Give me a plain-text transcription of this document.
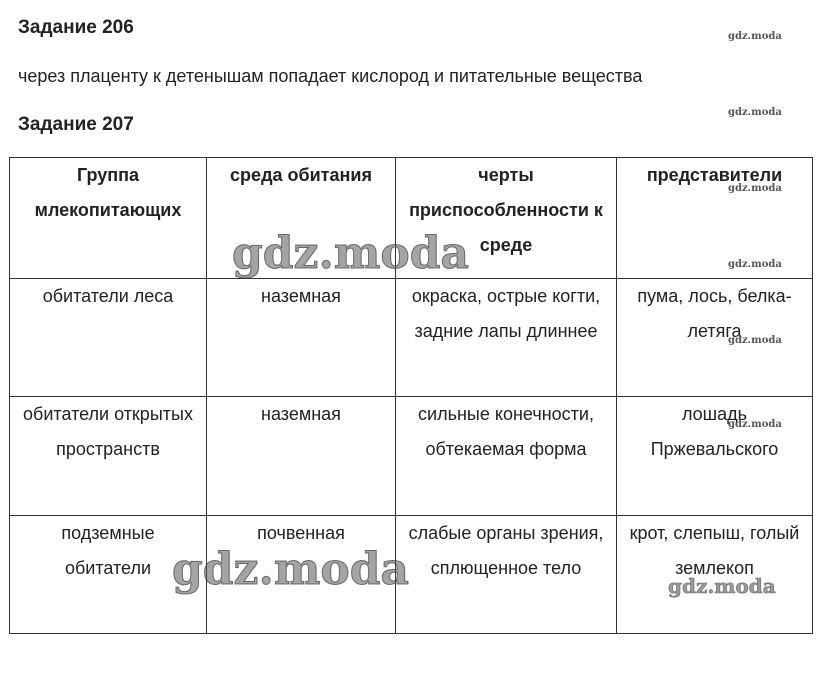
Задание 206
через плаценту к детенышам попадает кислород и питательные вещества
Задание 207
Группа млекопитающих	среда обитания	черты приспособленности к среде	представители
обитатели леса	наземная	окраска, острые когти, задние лапы длиннее	пума, лось, белка-летяга
обитатели открытых пространств	наземная	сильные конечности, обтекаемая форма	лошадь Пржевальского
подземные обитатели	почвенная	слабые органы зрения, сплющенное тело	крот, слепыш, голый землекоп
gdz.moda
gdz.moda
gdz.moda
gdz.moda
gdz.moda
gdz.moda
gdz.moda
gdz.moda	gdz.moda
